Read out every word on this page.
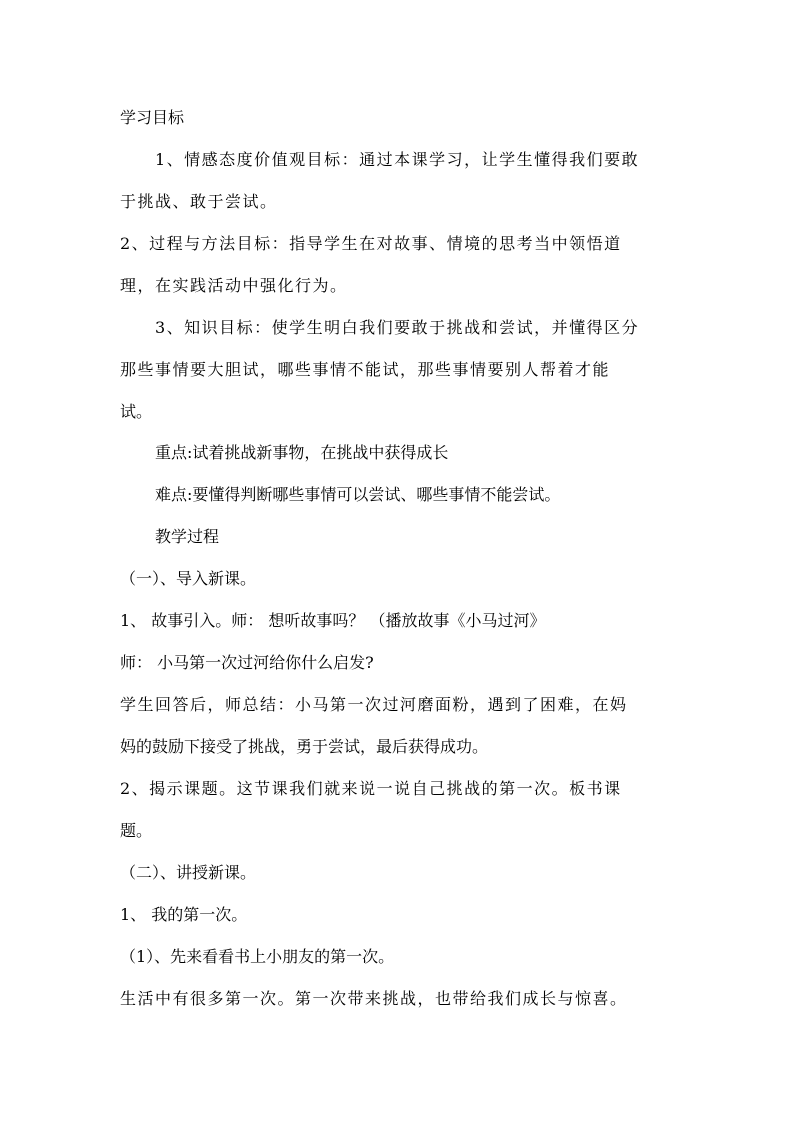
学习目标
1、情感态度价值观目标：通过本课学习，让学生懂得我们要敢
于挑战、敢于尝试。
2、过程与方法目标：指导学生在对故事、情境的思考当中领悟道
理，在实践活动中强化行为。
3、知识目标：使学生明白我们要敢于挑战和尝试，并懂得区分
那些事情要大胆试，哪些事情不能试，那些事情要别人帮着才能
试。
重点:试着挑战新事物，在挑战中获得成长
难点:要懂得判断哪些事情可以尝试、哪些事情不能尝试。
教学过程
（一）、导入新课。
1、 故事引入。师： 想听故事吗？ （播放故事《小马过河》
师： 小马第一次过河给你什么启发?
学生回答后，师总结：小马第一次过河磨面粉，遇到了困难，在妈
妈的鼓励下接受了挑战，勇于尝试，最后获得成功。
2、揭示课题。这节课我们就来说一说自己挑战的第一次。板书课
题。
（二）、讲授新课。
1、 我的第一次。
（1）、先来看看书上小朋友的第一次。
生活中有很多第一次。第一次带来挑战，也带给我们成长与惊喜。
